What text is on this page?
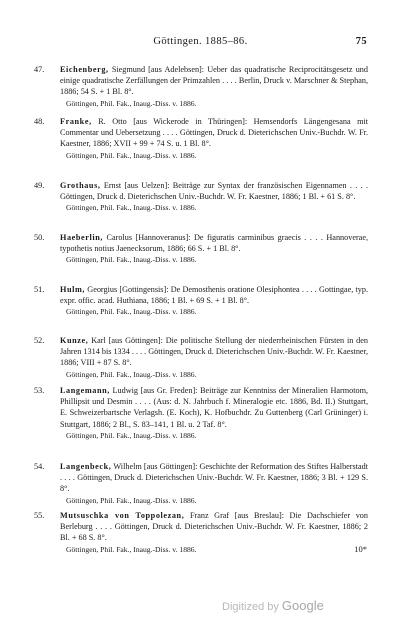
Göttingen. 1885–86.	75
47. Eichenberg, Siegmund [aus Adelebsen]: Ueber das quadratische Reciprocitätsgesetz und einige quadratische Zerfällungen der Primzahlen . . . . Berlin, Druck v. Marschner & Stephan, 1886; 54 S. + 1 Bl. 8°.
Göttingen, Phil. Fak., Inaug.-Diss. v. 1886.
48. Franke, R. Otto [aus Wickerode in Thüringen]: Hemsendorfs Längengesana mit Commentar und Uebersetzung . . . . Göttingen, Druck d. Dieterichschen Univ.-Buchdr. W. Fr. Kaestner, 1886; XVII + 99 + 74 S. u. 1 Bl. 8°.
Göttingen, Phil. Fak., Inaug.-Diss. v. 1886.
49. Grothaus, Ernst [aus Uelzen]: Beiträge zur Syntax der französischen Eigennamen . . . . Göttingen, Druck d. Dieterichschen Univ.-Buchdr. W. Fr. Kaestner, 1886; 1 Bl. + 61 S. 8°.
Göttingen, Phil. Fak., Inaug.-Diss. v. 1886.
50. Haeberlin, Carolus [Hannoveranus]: De figuratis carminibus graecis . . . . Hannoverae, typothetis notius Jaenecksorum, 1886; 66 S. + 1 Bl. 8°.
Göttingen, Phil. Fak., Inaug.-Diss. v. 1886.
51. Hulm, Georgius [Gottingensis]: De Demosthenis oratione Olesiphontea . . . . Gottingae, typ. expr. offic. acad. Huthiana, 1886; 1 Bl. + 69 S. + 1 Bl. 8°.
Göttingen, Phil. Fak., Inaug.-Diss. v. 1886.
52. Kunze, Karl [aus Göttingen]: Die politische Stellung der niederrheinischen Fürsten in den Jahren 1314 bis 1334 . . . . Göttingen, Druck d. Dieterichschen Univ.-Buchdr. W. Fr. Kaestner, 1886; VIII + 87 S. 8°.
Göttingen, Phil. Fak., Inaug.-Diss. v. 1886.
53. Langemann, Ludwig [aus Gr. Freden]: Beiträge zur Kenntniss der Mineralien Harmotom, Phillipsit und Desmin . . . . (Aus: d. N. Jahrbuch f. Mineralogie etc. 1886, Bd. II.) Stuttgart, E. Schweizerbartsche Verlagsh. (E. Koch), K. Hofbuchdr. Zu Guttenberg (Carl Grüninger) i. Stuttgart, 1886; 2 Bl., S. 83–141, 1 Bl. u. 2 Taf. 8°.
Göttingen, Phil. Fak., Inaug.-Diss. v. 1886.
54. Langenbeck, Wilhelm [aus Göttingen]: Geschichte der Reformation des Stiftes Halberstadt . . . . Göttingen, Druck d. Dieterichschen Univ.-Buchdr. W. Fr. Kaestner, 1886; 3 Bl. + 129 S. 8°.
Göttingen, Phil. Fak., Inaug.-Diss. v. 1886.
55. Mutsuschka von Toppolezan, Franz Graf [aus Breslau]: Die Dachschiefer von Berleburg . . . . Göttingen, Druck d. Dieterichschen Univ.-Buchdr. W. Fr. Kaestner, 1886; 2 Bl. + 68 S. 8°.
Göttingen, Phil. Fak., Inaug.-Diss. v. 1886.	10*
Digitized by Google
